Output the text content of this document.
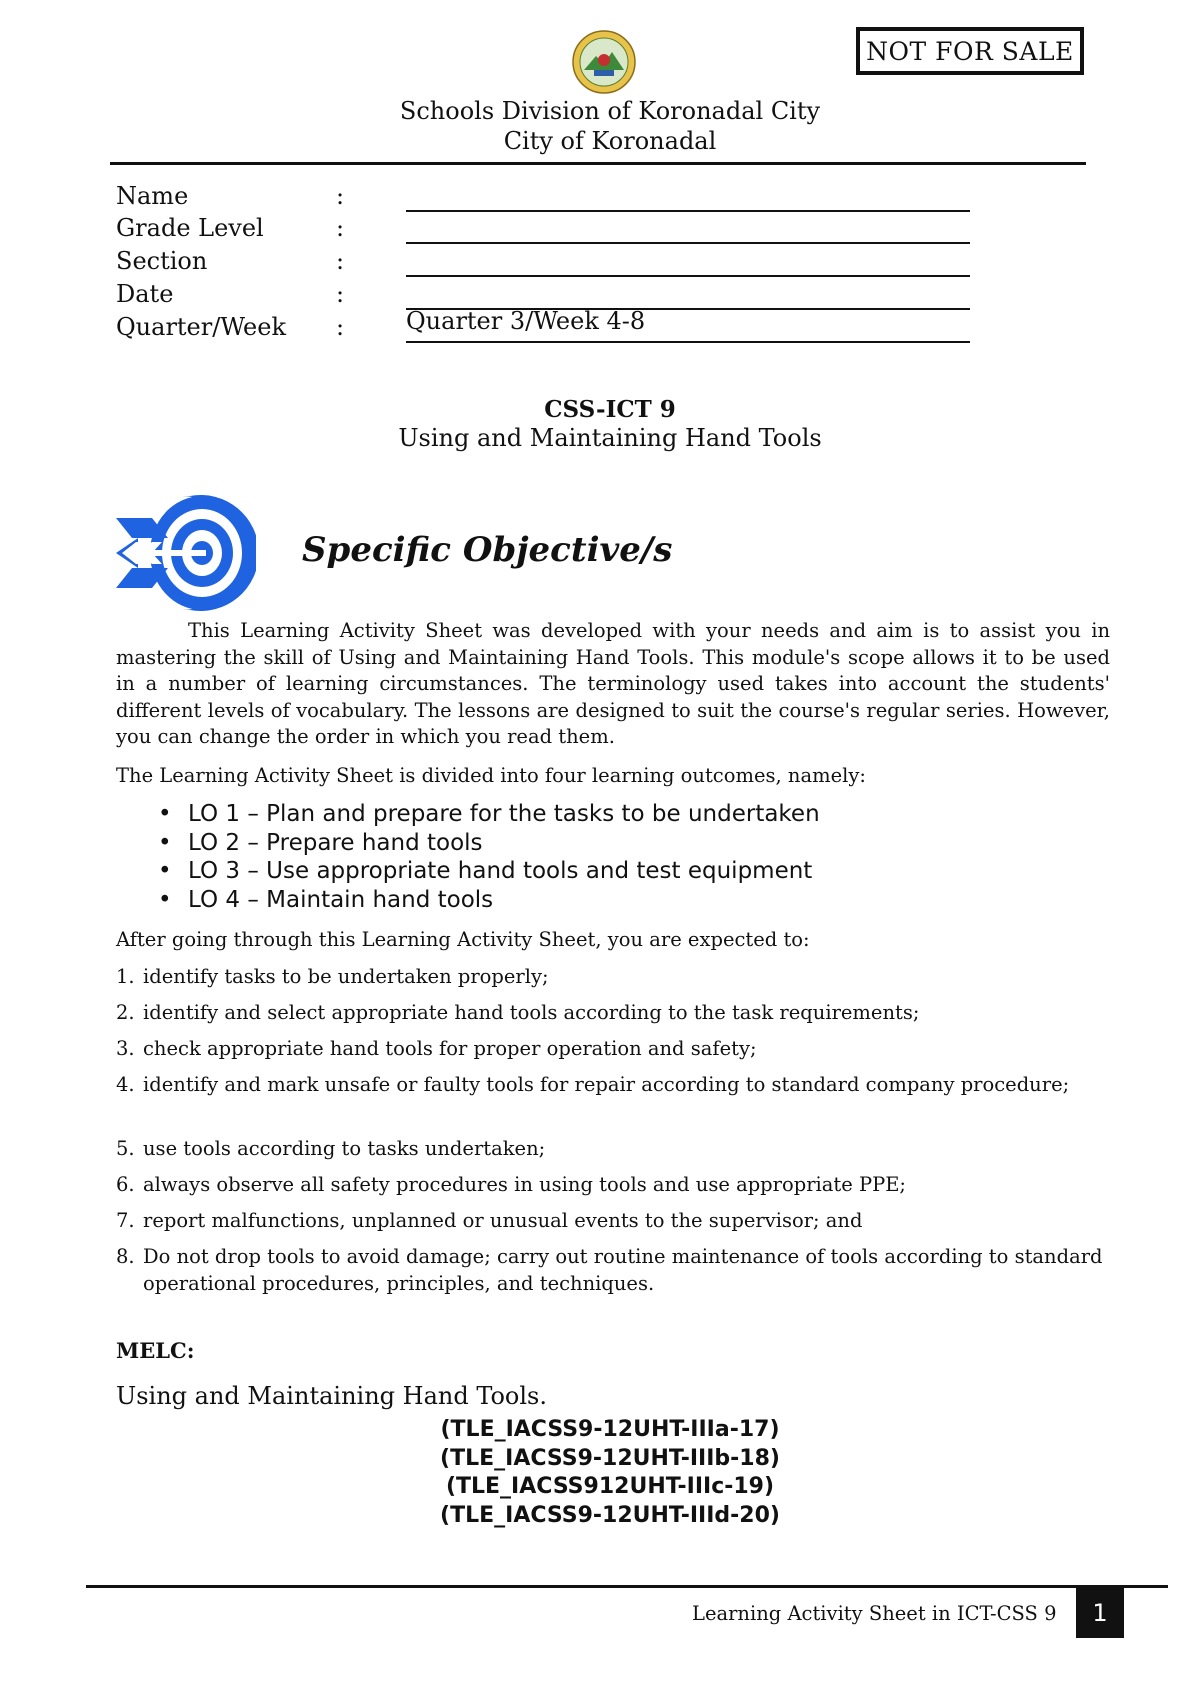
NOT FOR SALE
Schools Division of Koronadal City
City of Koronadal
Name	:
Grade Level	:
Section	:
Date	:
Quarter/Week :	Quarter 3/Week 4-8
CSS-ICT 9
Using and Maintaining Hand Tools
Specific Objective/s
This Learning Activity Sheet was developed with your needs and aim is to assist you in mastering the skill of Using and Maintaining Hand Tools. This module's scope allows it to be used in a number of learning circumstances. The terminology used takes into account the students' different levels of vocabulary. The lessons are designed to suit the course's regular series. However, you can change the order in which you read them.
The Learning Activity Sheet is divided into four learning outcomes, namely:
• LO 1 – Plan and prepare for the tasks to be undertaken
• LO 2 – Prepare hand tools
• LO 3 – Use appropriate hand tools and test equipment
• LO 4 – Maintain hand tools
After going through this Learning Activity Sheet, you are expected to:
1. identify tasks to be undertaken properly;
2. identify and select appropriate hand tools according to the task requirements;
3. check appropriate hand tools for proper operation and safety;
4. identify and mark unsafe or faulty tools for repair according to standard company procedure;
5. use tools according to tasks undertaken;
6. always observe all safety procedures in using tools and use appropriate PPE;
7. report malfunctions, unplanned or unusual events to the supervisor; and
8. Do not drop tools to avoid damage; carry out routine maintenance of tools according to standard operational procedures, principles, and techniques.
MELC:
Using and Maintaining Hand Tools.
(TLE_IACSS9-12UHT-IIIa-17)
(TLE_IACSS9-12UHT-IIIb-18)
(TLE_IACSS912UHT-IIIc-19)
(TLE_IACSS9-12UHT-IIId-20)
Learning Activity Sheet in ICT-CSS 9	1
